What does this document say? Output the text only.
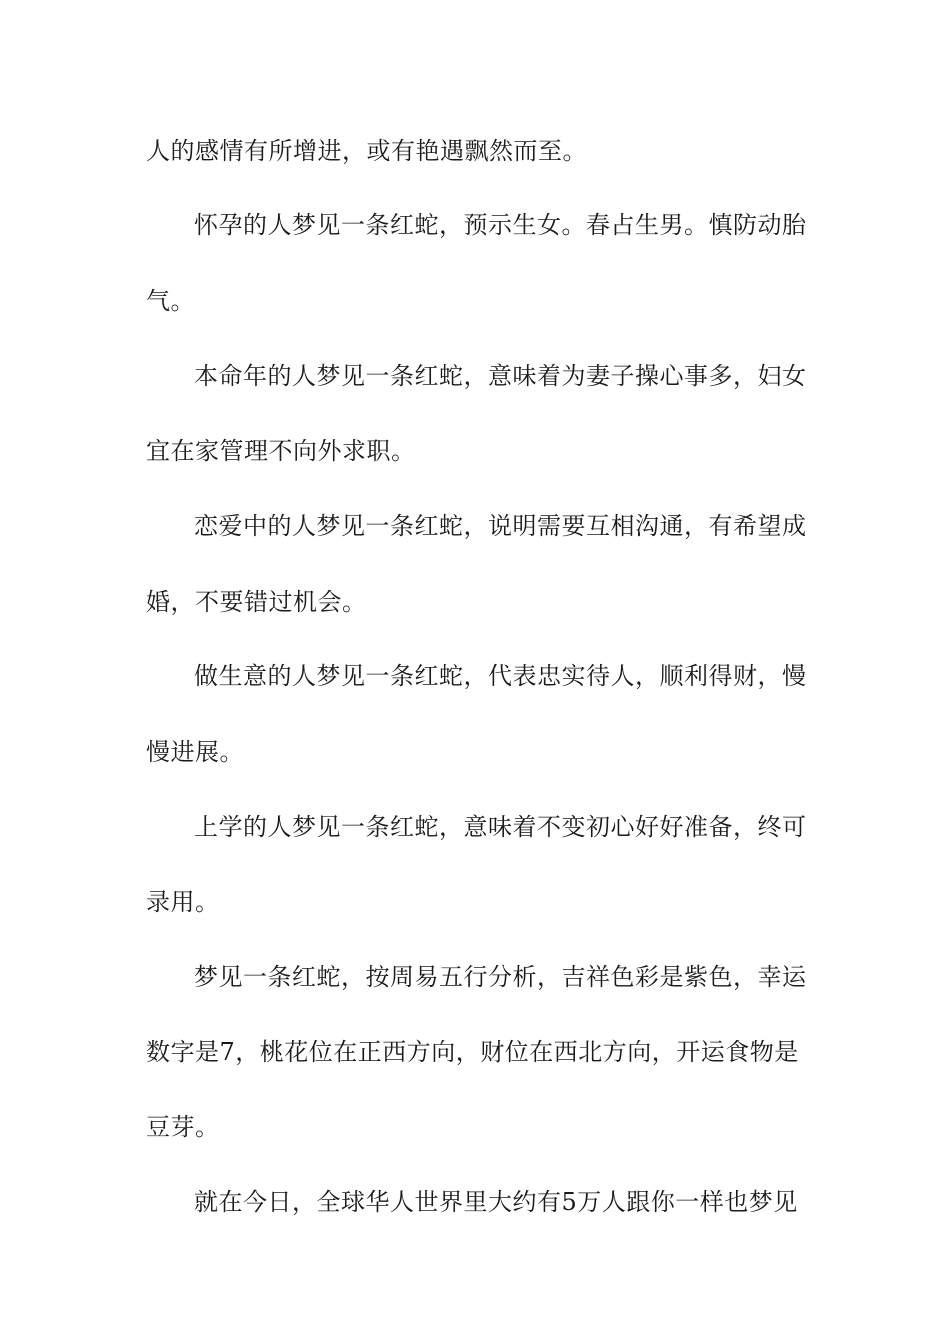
人的感情有所增进，或有艳遇飘然而至。
怀孕的人梦见一条红蛇，预示生女。春占生男。慎防动胎
气。
本命年的人梦见一条红蛇，意味着为妻子操心事多，妇女
宜在家管理不向外求职。
恋爱中的人梦见一条红蛇，说明需要互相沟通，有希望成
婚，不要错过机会。
做生意的人梦见一条红蛇，代表忠实待人，顺利得财，慢
慢进展。
上学的人梦见一条红蛇，意味着不变初心好好准备，终可
录用。
梦见一条红蛇，按周易五行分析，吉祥色彩是紫色，幸运
数字是7，桃花位在正西方向，财位在西北方向，开运食物是
豆芽。
就在今日，全球华人世界里大约有5万人跟你一样也梦见
